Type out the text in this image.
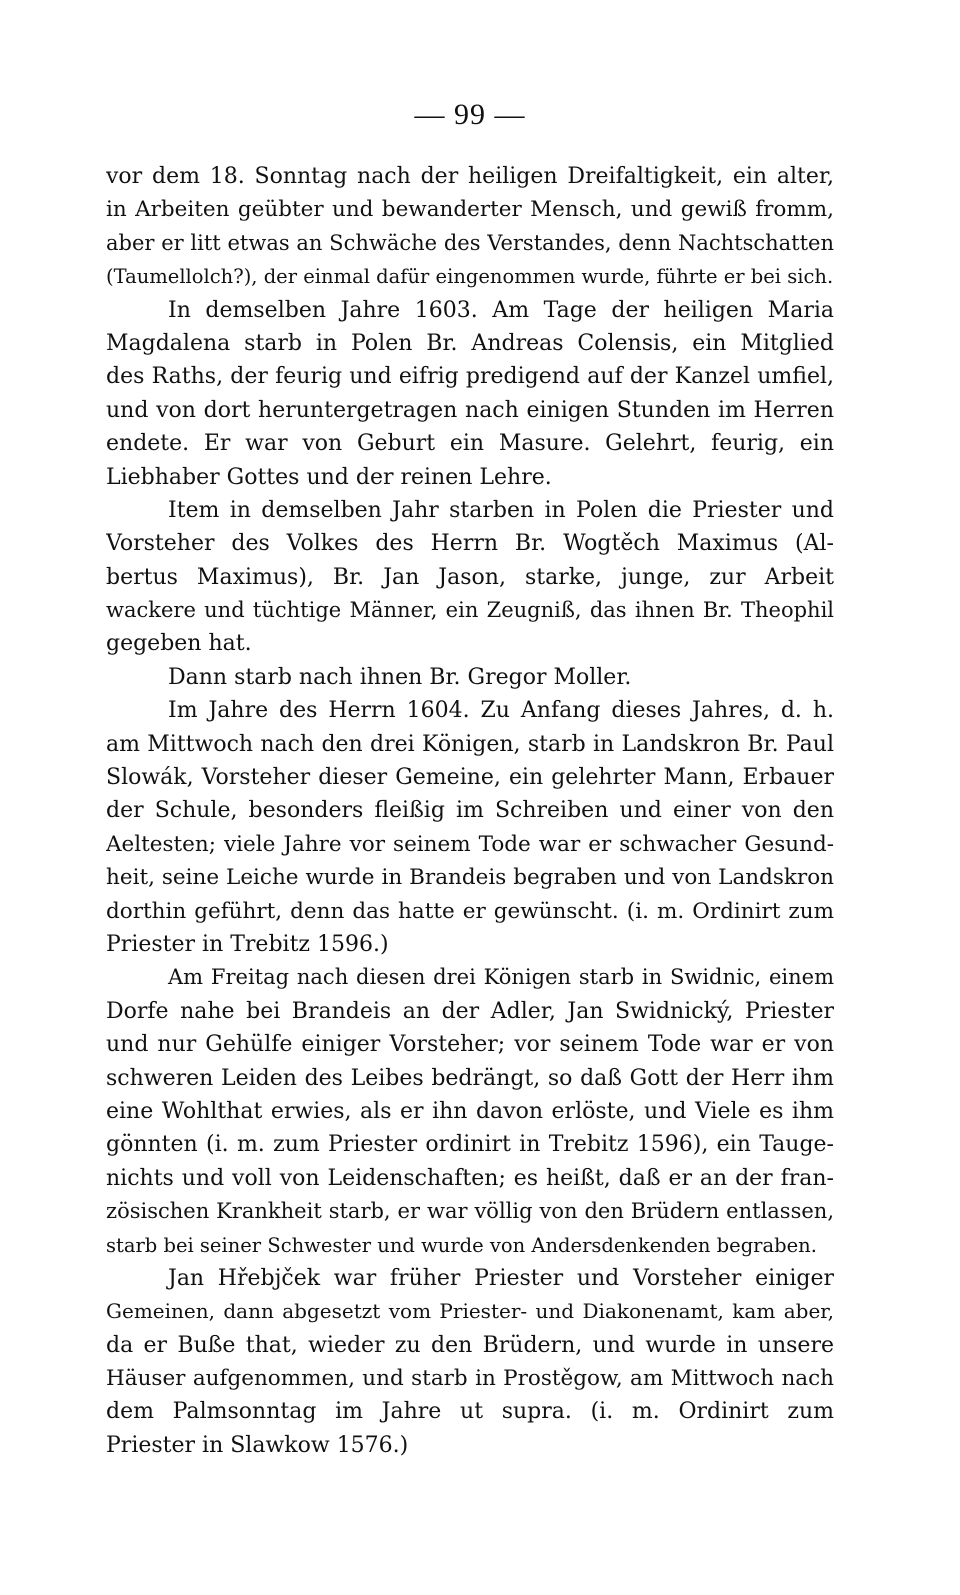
— 99 —
vor dem 18. Sonntag nach der heiligen Dreifaltigkeit, ein alter,
in Arbeiten geübter und bewanderter Mensch, und gewiß fromm,
aber er litt etwas an Schwäche des Verstandes, denn Nachtschatten
(Taumellolch?), der einmal dafür eingenommen wurde, führte er bei sich.
In demselben Jahre 1603. Am Tage der heiligen Maria
Magdalena starb in Polen Br. Andreas Colensis, ein Mitglied
des Raths, der feurig und eifrig predigend auf der Kanzel umfiel,
und von dort heruntergetragen nach einigen Stunden im Herren
endete. Er war von Geburt ein Masure. Gelehrt, feurig, ein
Liebhaber Gottes und der reinen Lehre.
Item in demselben Jahr starben in Polen die Priester und
Vorsteher des Volkes des Herrn Br. Wogtěch Maximus (Al-
bertus Maximus), Br. Jan Jason, starke, junge, zur Arbeit
wackere und tüchtige Männer, ein Zeugniß, das ihnen Br. Theophil
gegeben hat.
Dann starb nach ihnen Br. Gregor Moller.
Im Jahre des Herrn 1604. Zu Anfang dieses Jahres, d. h.
am Mittwoch nach den drei Königen, starb in Landskron Br. Paul
Slowák, Vorsteher dieser Gemeine, ein gelehrter Mann, Erbauer
der Schule, besonders fleißig im Schreiben und einer von den
Aeltesten; viele Jahre vor seinem Tode war er schwacher Gesund-
heit, seine Leiche wurde in Brandeis begraben und von Landskron
dorthin geführt, denn das hatte er gewünscht. (i. m. Ordinirt zum
Priester in Trebitz 1596.)
Am Freitag nach diesen drei Königen starb in Swidnic, einem
Dorfe nahe bei Brandeis an der Adler, Jan Swidnický, Priester
und nur Gehülfe einiger Vorsteher; vor seinem Tode war er von
schweren Leiden des Leibes bedrängt, so daß Gott der Herr ihm
eine Wohlthat erwies, als er ihn davon erlöste, und Viele es ihm
gönnten (i. m. zum Priester ordinirt in Trebitz 1596), ein Tauge-
nichts und voll von Leidenschaften; es heißt, daß er an der fran-
zösischen Krankheit starb, er war völlig von den Brüdern entlassen,
starb bei seiner Schwester und wurde von Andersdenkenden begraben.
Jan Hřebjček war früher Priester und Vorsteher einiger
Gemeinen, dann abgesetzt vom Priester- und Diakonenamt, kam aber,
da er Buße that, wieder zu den Brüdern, und wurde in unsere
Häuser aufgenommen, und starb in Prostěgow, am Mittwoch nach
dem Palmsonntag im Jahre ut supra. (i. m. Ordinirt zum
Priester in Slawkow 1576.)
